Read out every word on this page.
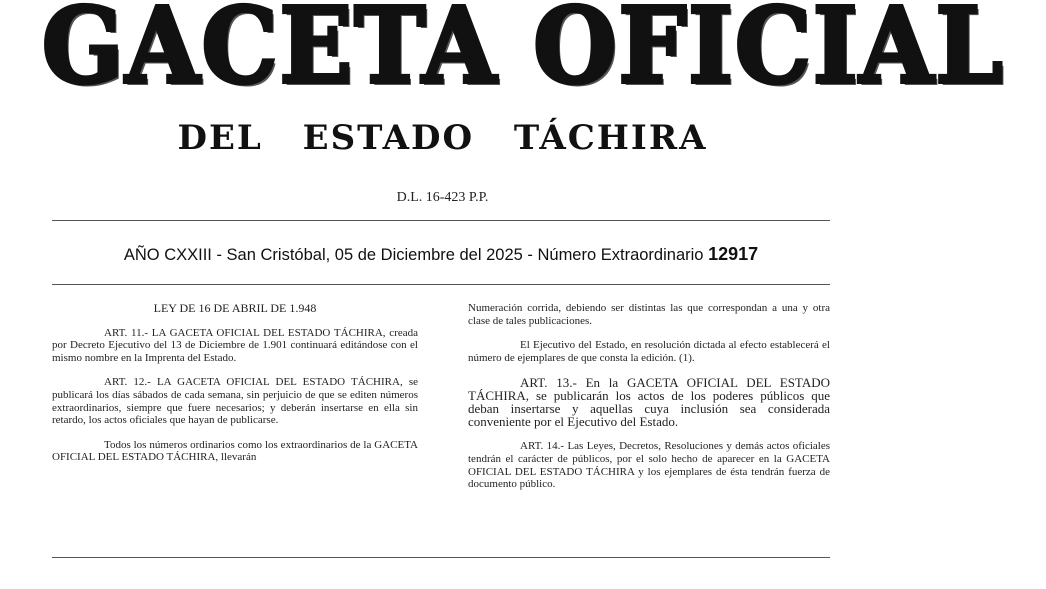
GACETA OFICIAL
DEL ESTADO TÁCHIRA
D.L. 16-423 P.P.
AÑO CXXIII - San Cristóbal, 05 de Diciembre del 2025 - Número Extraordinario 12917

LEY DE 16 DE ABRIL DE 1.948

ART. 11.- LA GACETA OFICIAL DEL ESTADO TÁCHIRA, creada por Decreto Ejecutivo del 13 de Diciembre de 1.901 continuará editándose con el mismo nombre en la Imprenta del Estado.

ART. 12.- LA GACETA OFICIAL DEL ESTADO TÁCHIRA, se publicará los días sábados de cada semana, sin perjuicio de que se editen números extraordinarios, siempre que fuere necesarios; y deberán insertarse en ella sin retardo, los actos oficiales que hayan de publicarse.

Todos los números ordinarios como los extraordinarios de la GACETA OFICIAL DEL ESTADO TÁCHIRA, llevarán

Numeración corrida, debiendo ser distintas las que correspondan a una y otra clase de tales publicaciones.

El Ejecutivo del Estado, en resolución dictada al efecto establecerá el número de ejemplares de que consta la edición. (1).

ART. 13.- En la GACETA OFICIAL DEL ESTADO TÁCHIRA, se publicarán los actos de los poderes públicos que deban insertarse y aquellas cuya inclusión sea considerada conveniente por el Ejecutivo del Estado.

ART. 14.- Las Leyes, Decretos, Resoluciones y demás actos oficiales tendrán el carácter de públicos, por el solo hecho de aparecer en la GACETA OFICIAL DEL ESTADO TÁCHIRA y los ejemplares de ésta tendrán fuerza de documento público.
